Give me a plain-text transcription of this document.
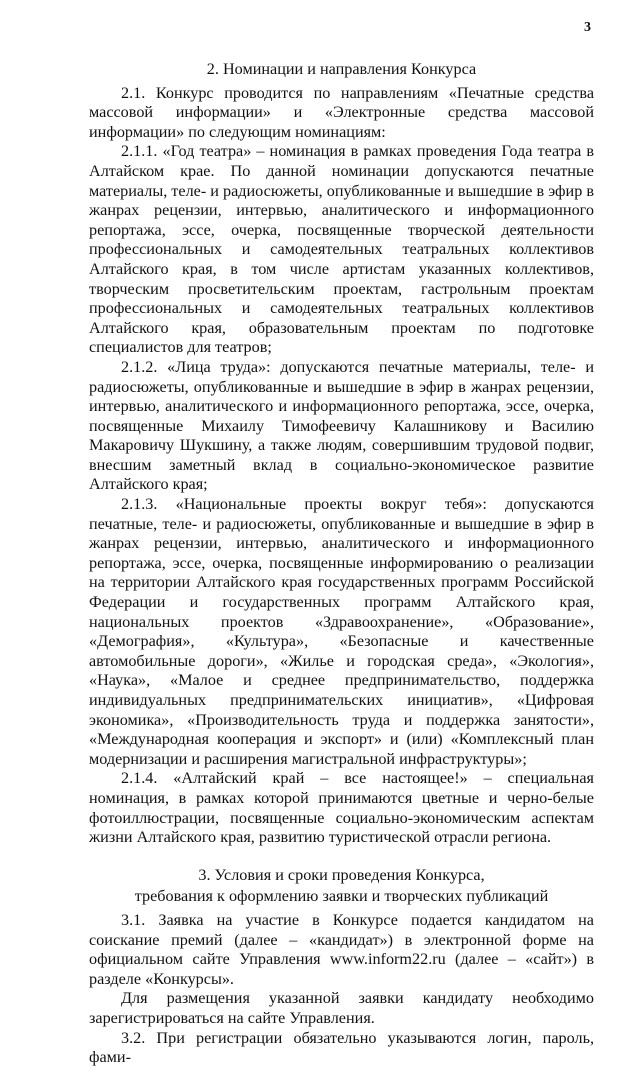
3

2. Номинации и направления Конкурса

2.1. Конкурс проводится по направлениям «Печатные средства массовой информации» и «Электронные средства массовой информации» по следующим номинациям:

2.1.1. «Год театра» – номинация в рамках проведения Года театра в Алтайском крае. По данной номинации допускаются печатные материалы, теле- и радиосюжеты, опубликованные и вышедшие в эфир в жанрах рецензии, интервью, аналитического и информационного репортажа, эссе, очерка, посвященные творческой деятельности профессиональных и самодеятельных театральных коллективов Алтайского края, в том числе артистам указанных коллективов, творческим просветительским проектам, гастрольным проектам профессиональных и самодеятельных театральных коллективов Алтайского края, образовательным проектам по подготовке специалистов для театров;

2.1.2. «Лица труда»: допускаются печатные материалы, теле- и радиосюжеты, опубликованные и вышедшие в эфир в жанрах рецензии, интервью, аналитического и информационного репортажа, эссе, очерка, посвященные Михаилу Тимофеевичу Калашникову и Василию Макаровичу Шукшину, а также людям, совершившим трудовой подвиг, внесшим заметный вклад в социально-экономическое развитие Алтайского края;

2.1.3. «Национальные проекты вокруг тебя»: допускаются печатные, теле- и радиосюжеты, опубликованные и вышедшие в эфир в жанрах рецензии, интервью, аналитического и информационного репортажа, эссе, очерка, посвященные информированию о реализации на территории Алтайского края государственных программ Российской Федерации и государственных программ Алтайского края, национальных проектов «Здравоохранение», «Образование», «Демография», «Культура», «Безопасные и качественные автомобильные дороги», «Жилье и городская среда», «Экология», «Наука», «Малое и среднее предпринимательство, поддержка индивидуальных предпринимательских инициатив», «Цифровая экономика», «Производительность труда и поддержка занятости», «Международная кооперация и экспорт» и (или) «Комплексный план модернизации и расширения магистральной инфраструктуры»;

2.1.4. «Алтайский край – все настоящее!» – специальная номинация, в рамках которой принимаются цветные и черно-белые фотоиллюстрации, посвященные социально-экономическим аспектам жизни Алтайского края, развитию туристической отрасли региона.

3. Условия и сроки проведения Конкурса,

требования к оформлению заявки и творческих публикаций

3.1. Заявка на участие в Конкурсе подается кандидатом на соискание премий (далее – «кандидат») в электронной форме на официальном сайте Управления www.inform22.ru (далее – «сайт») в разделе «Конкурсы».

Для размещения указанной заявки кандидату необходимо зарегистрироваться на сайте Управления.

3.2. При регистрации обязательно указываются логин, пароль, фами-
